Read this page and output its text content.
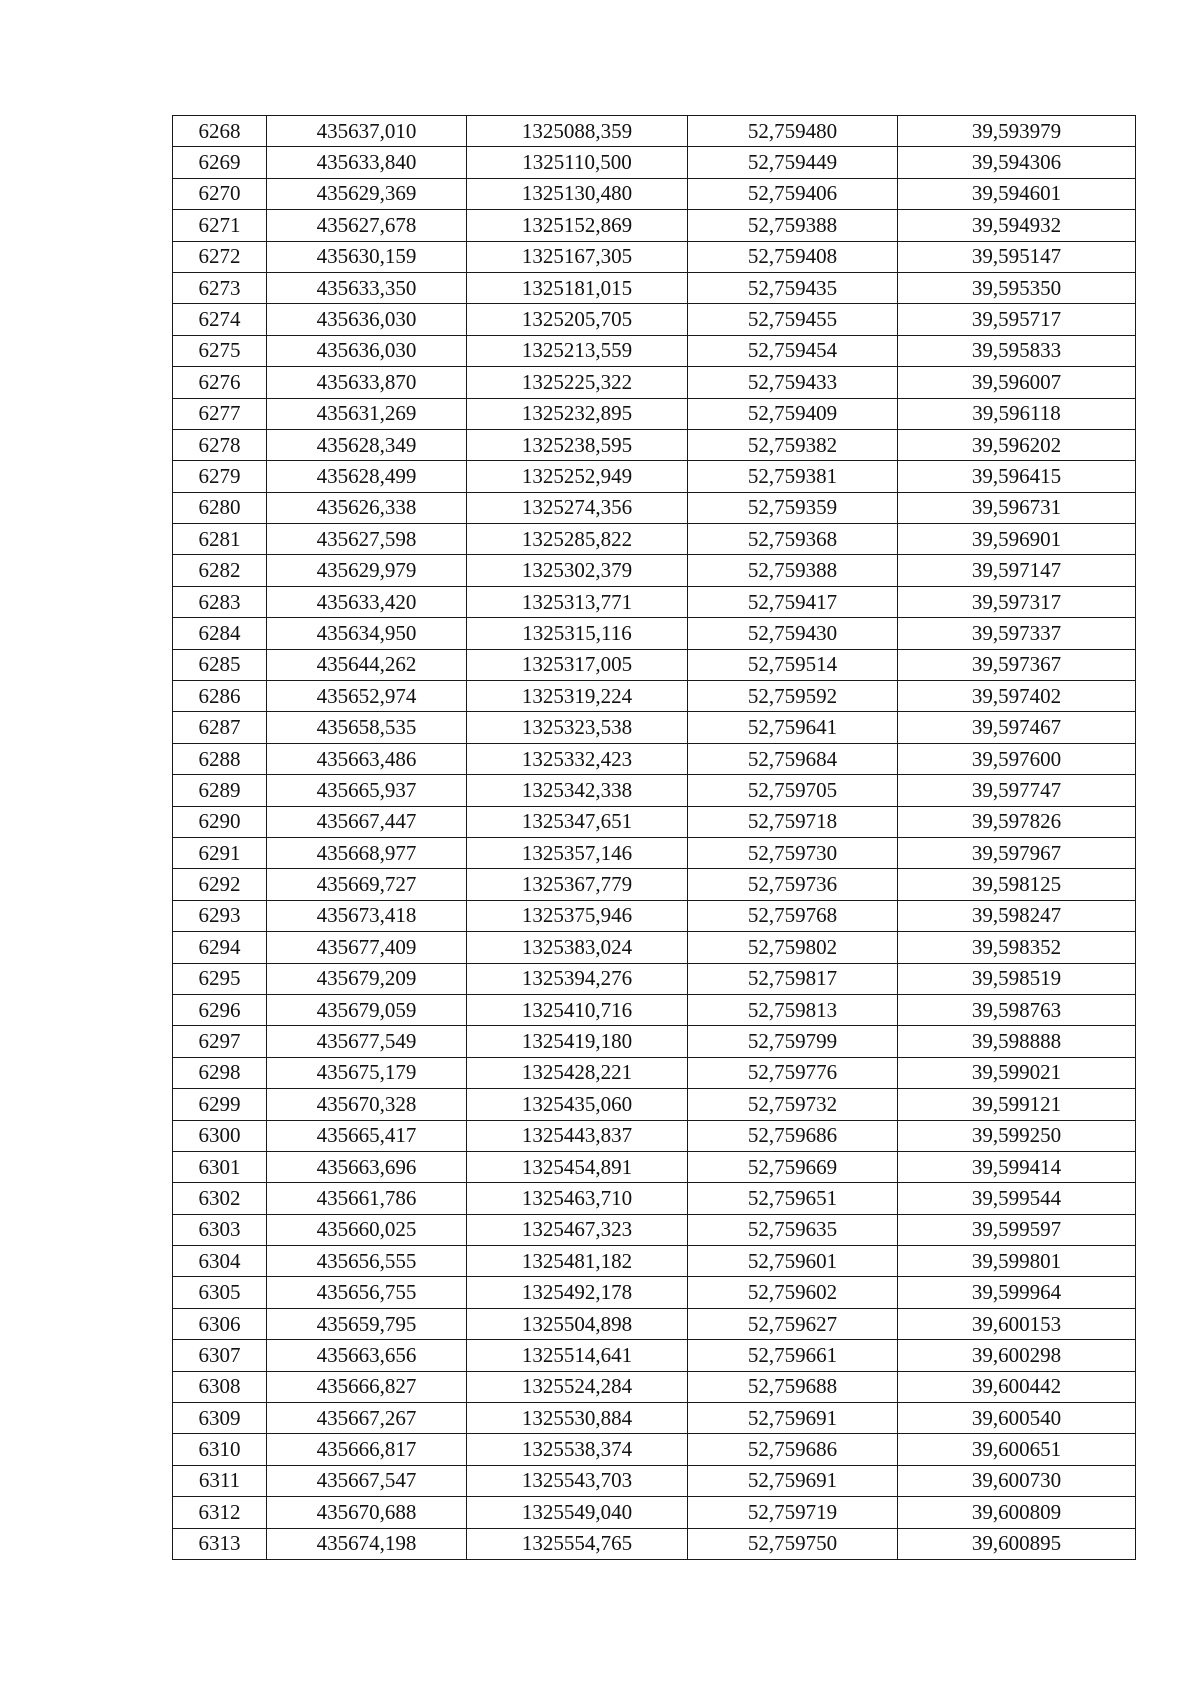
6268	435637,010	1325088,359	52,759480	39,593979
6269	435633,840	1325110,500	52,759449	39,594306
6270	435629,369	1325130,480	52,759406	39,594601
6271	435627,678	1325152,869	52,759388	39,594932
6272	435630,159	1325167,305	52,759408	39,595147
6273	435633,350	1325181,015	52,759435	39,595350
6274	435636,030	1325205,705	52,759455	39,595717
6275	435636,030	1325213,559	52,759454	39,595833
6276	435633,870	1325225,322	52,759433	39,596007
6277	435631,269	1325232,895	52,759409	39,596118
6278	435628,349	1325238,595	52,759382	39,596202
6279	435628,499	1325252,949	52,759381	39,596415
6280	435626,338	1325274,356	52,759359	39,596731
6281	435627,598	1325285,822	52,759368	39,596901
6282	435629,979	1325302,379	52,759388	39,597147
6283	435633,420	1325313,771	52,759417	39,597317
6284	435634,950	1325315,116	52,759430	39,597337
6285	435644,262	1325317,005	52,759514	39,597367
6286	435652,974	1325319,224	52,759592	39,597402
6287	435658,535	1325323,538	52,759641	39,597467
6288	435663,486	1325332,423	52,759684	39,597600
6289	435665,937	1325342,338	52,759705	39,597747
6290	435667,447	1325347,651	52,759718	39,597826
6291	435668,977	1325357,146	52,759730	39,597967
6292	435669,727	1325367,779	52,759736	39,598125
6293	435673,418	1325375,946	52,759768	39,598247
6294	435677,409	1325383,024	52,759802	39,598352
6295	435679,209	1325394,276	52,759817	39,598519
6296	435679,059	1325410,716	52,759813	39,598763
6297	435677,549	1325419,180	52,759799	39,598888
6298	435675,179	1325428,221	52,759776	39,599021
6299	435670,328	1325435,060	52,759732	39,599121
6300	435665,417	1325443,837	52,759686	39,599250
6301	435663,696	1325454,891	52,759669	39,599414
6302	435661,786	1325463,710	52,759651	39,599544
6303	435660,025	1325467,323	52,759635	39,599597
6304	435656,555	1325481,182	52,759601	39,599801
6305	435656,755	1325492,178	52,759602	39,599964
6306	435659,795	1325504,898	52,759627	39,600153
6307	435663,656	1325514,641	52,759661	39,600298
6308	435666,827	1325524,284	52,759688	39,600442
6309	435667,267	1325530,884	52,759691	39,600540
6310	435666,817	1325538,374	52,759686	39,600651
6311	435667,547	1325543,703	52,759691	39,600730
6312	435670,688	1325549,040	52,759719	39,600809
6313	435674,198	1325554,765	52,759750	39,600895
